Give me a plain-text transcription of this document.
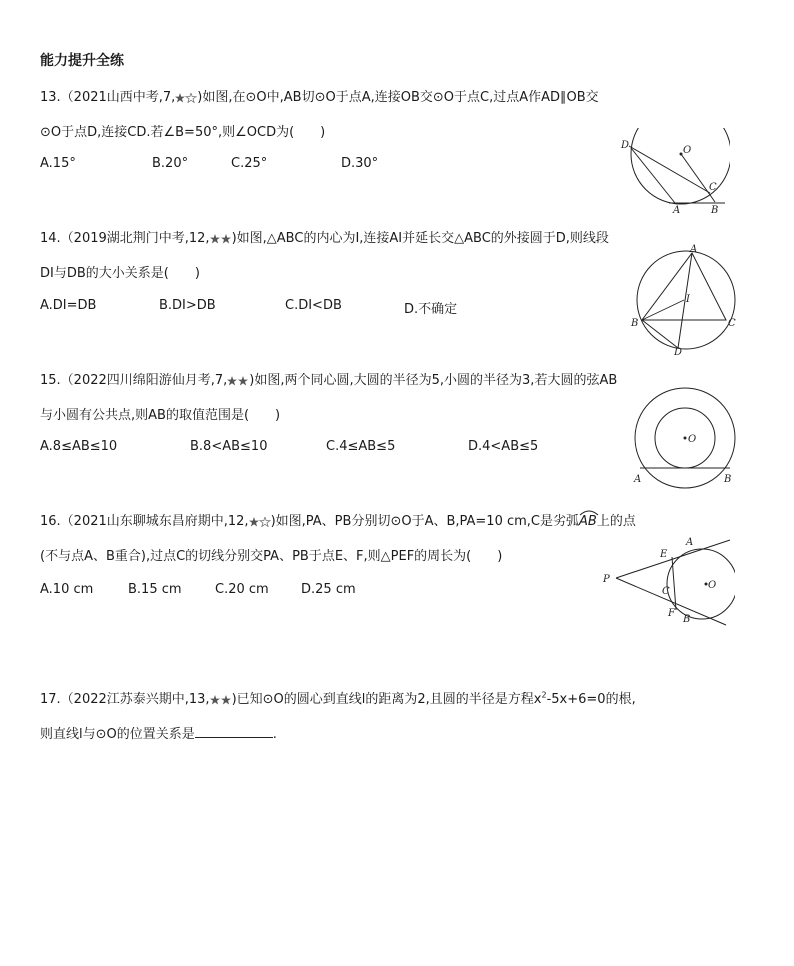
能力提升全练
13.（2021山西中考,7, )如图,在⊙O中,AB切⊙O于点A,连接OB交⊙O于点C,过点A作AD∥OB交
⊙O于点D,连接CD.若∠B=50°,则∠OCD为(　　)
A.15°	B.20°	C.25°	D.30°
D	O
C
A	B
14.（2019湖北荆门中考,12, )如图,△ABC的内心为I,连接AI并延长交△ABC的外接圆于D,则线段
DI与DB的大小关系是(　　)
A.DI=DB	B.DI>DB	C.DI<DB	D.不确定
A
I
B	C
D
15.（2022四川绵阳游仙月考,7, )如图,两个同心圆,大圆的半径为5,小圆的半径为3,若大圆的弦AB
与小圆有公共点,则AB的取值范围是(　　)
A.8≤AB≤10	B.8<AB≤10	C.4≤AB≤5	D.4<AB≤5	O
A	B
16.（2021山东聊城东昌府期中,12, )如图,PA、PB分别切⊙O于A、B,PA=10 cm,C是劣弧
AB上的点
(不与点A、B重合),过点C的切线分别交PA、PB于点E、F,则△PEF的周长为(　　)
A.10 cm	B.15 cm	C.20 cm D.25 cm
A
E
P
C
O
F
B
17.（2022江苏泰兴期中,13, )已知⊙O的圆心到直线l的距离为2,且圆的半径是方程$x^2-5x+6=0$的根,
则直线l与⊙O的位置关系是	.
